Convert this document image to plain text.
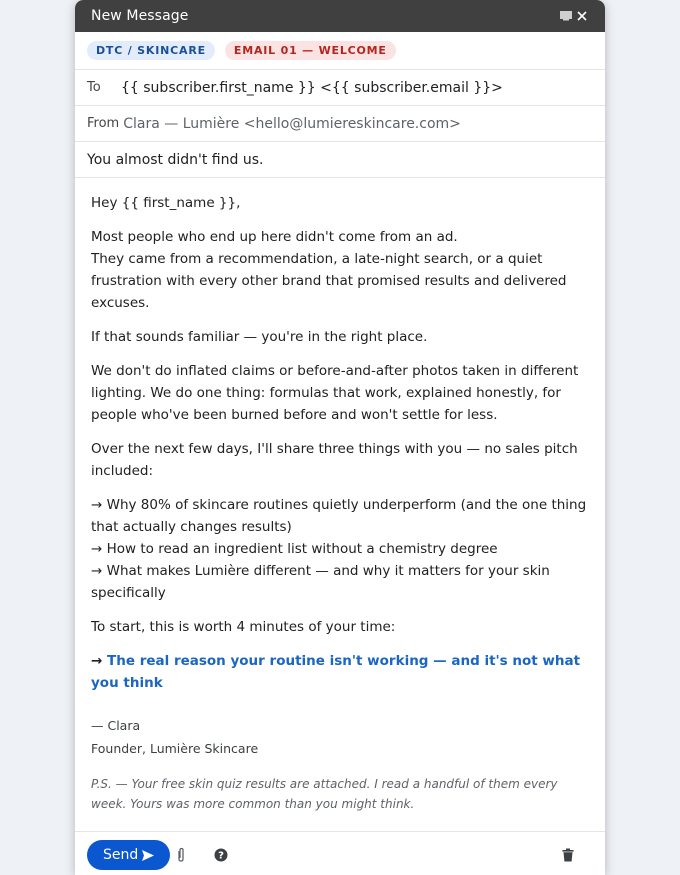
New Message
DTC / SKINCARE	EMAIL 01 — WELCOME
To	{{ subscriber.first_name }} <{{ subscriber.email }}>
From Clara — Lumière <hello@lumiereskincare.com>
You almost didn't find us.

Hey {{ first_name }},

Most people who end up here didn't come from an ad.
They came from a recommendation, a late-night search, or a quiet frustration with every other brand that promised results and delivered excuses.

If that sounds familiar — you're in the right place.

We don't do inflated claims or before-and-after photos taken in different lighting. We do one thing: formulas that work, explained honestly, for people who've been burned before and won't settle for less.

Over the next few days, I'll share three things with you — no sales pitch included:

→ Why 80% of skincare routines quietly underperform (and the one thing that actually changes results)
→ How to read an ingredient list without a chemistry degree
→ What makes Lumière different — and why it matters for your skin specifically

To start, this is worth 4 minutes of your time:

→ The real reason your routine isn't working — and it's not what you think

— Clara
Founder, Lumière Skincare
P.S. — Your free skin quiz results are attached. I read a handful of them every week. Yours was more common than you might think.
Send	?
